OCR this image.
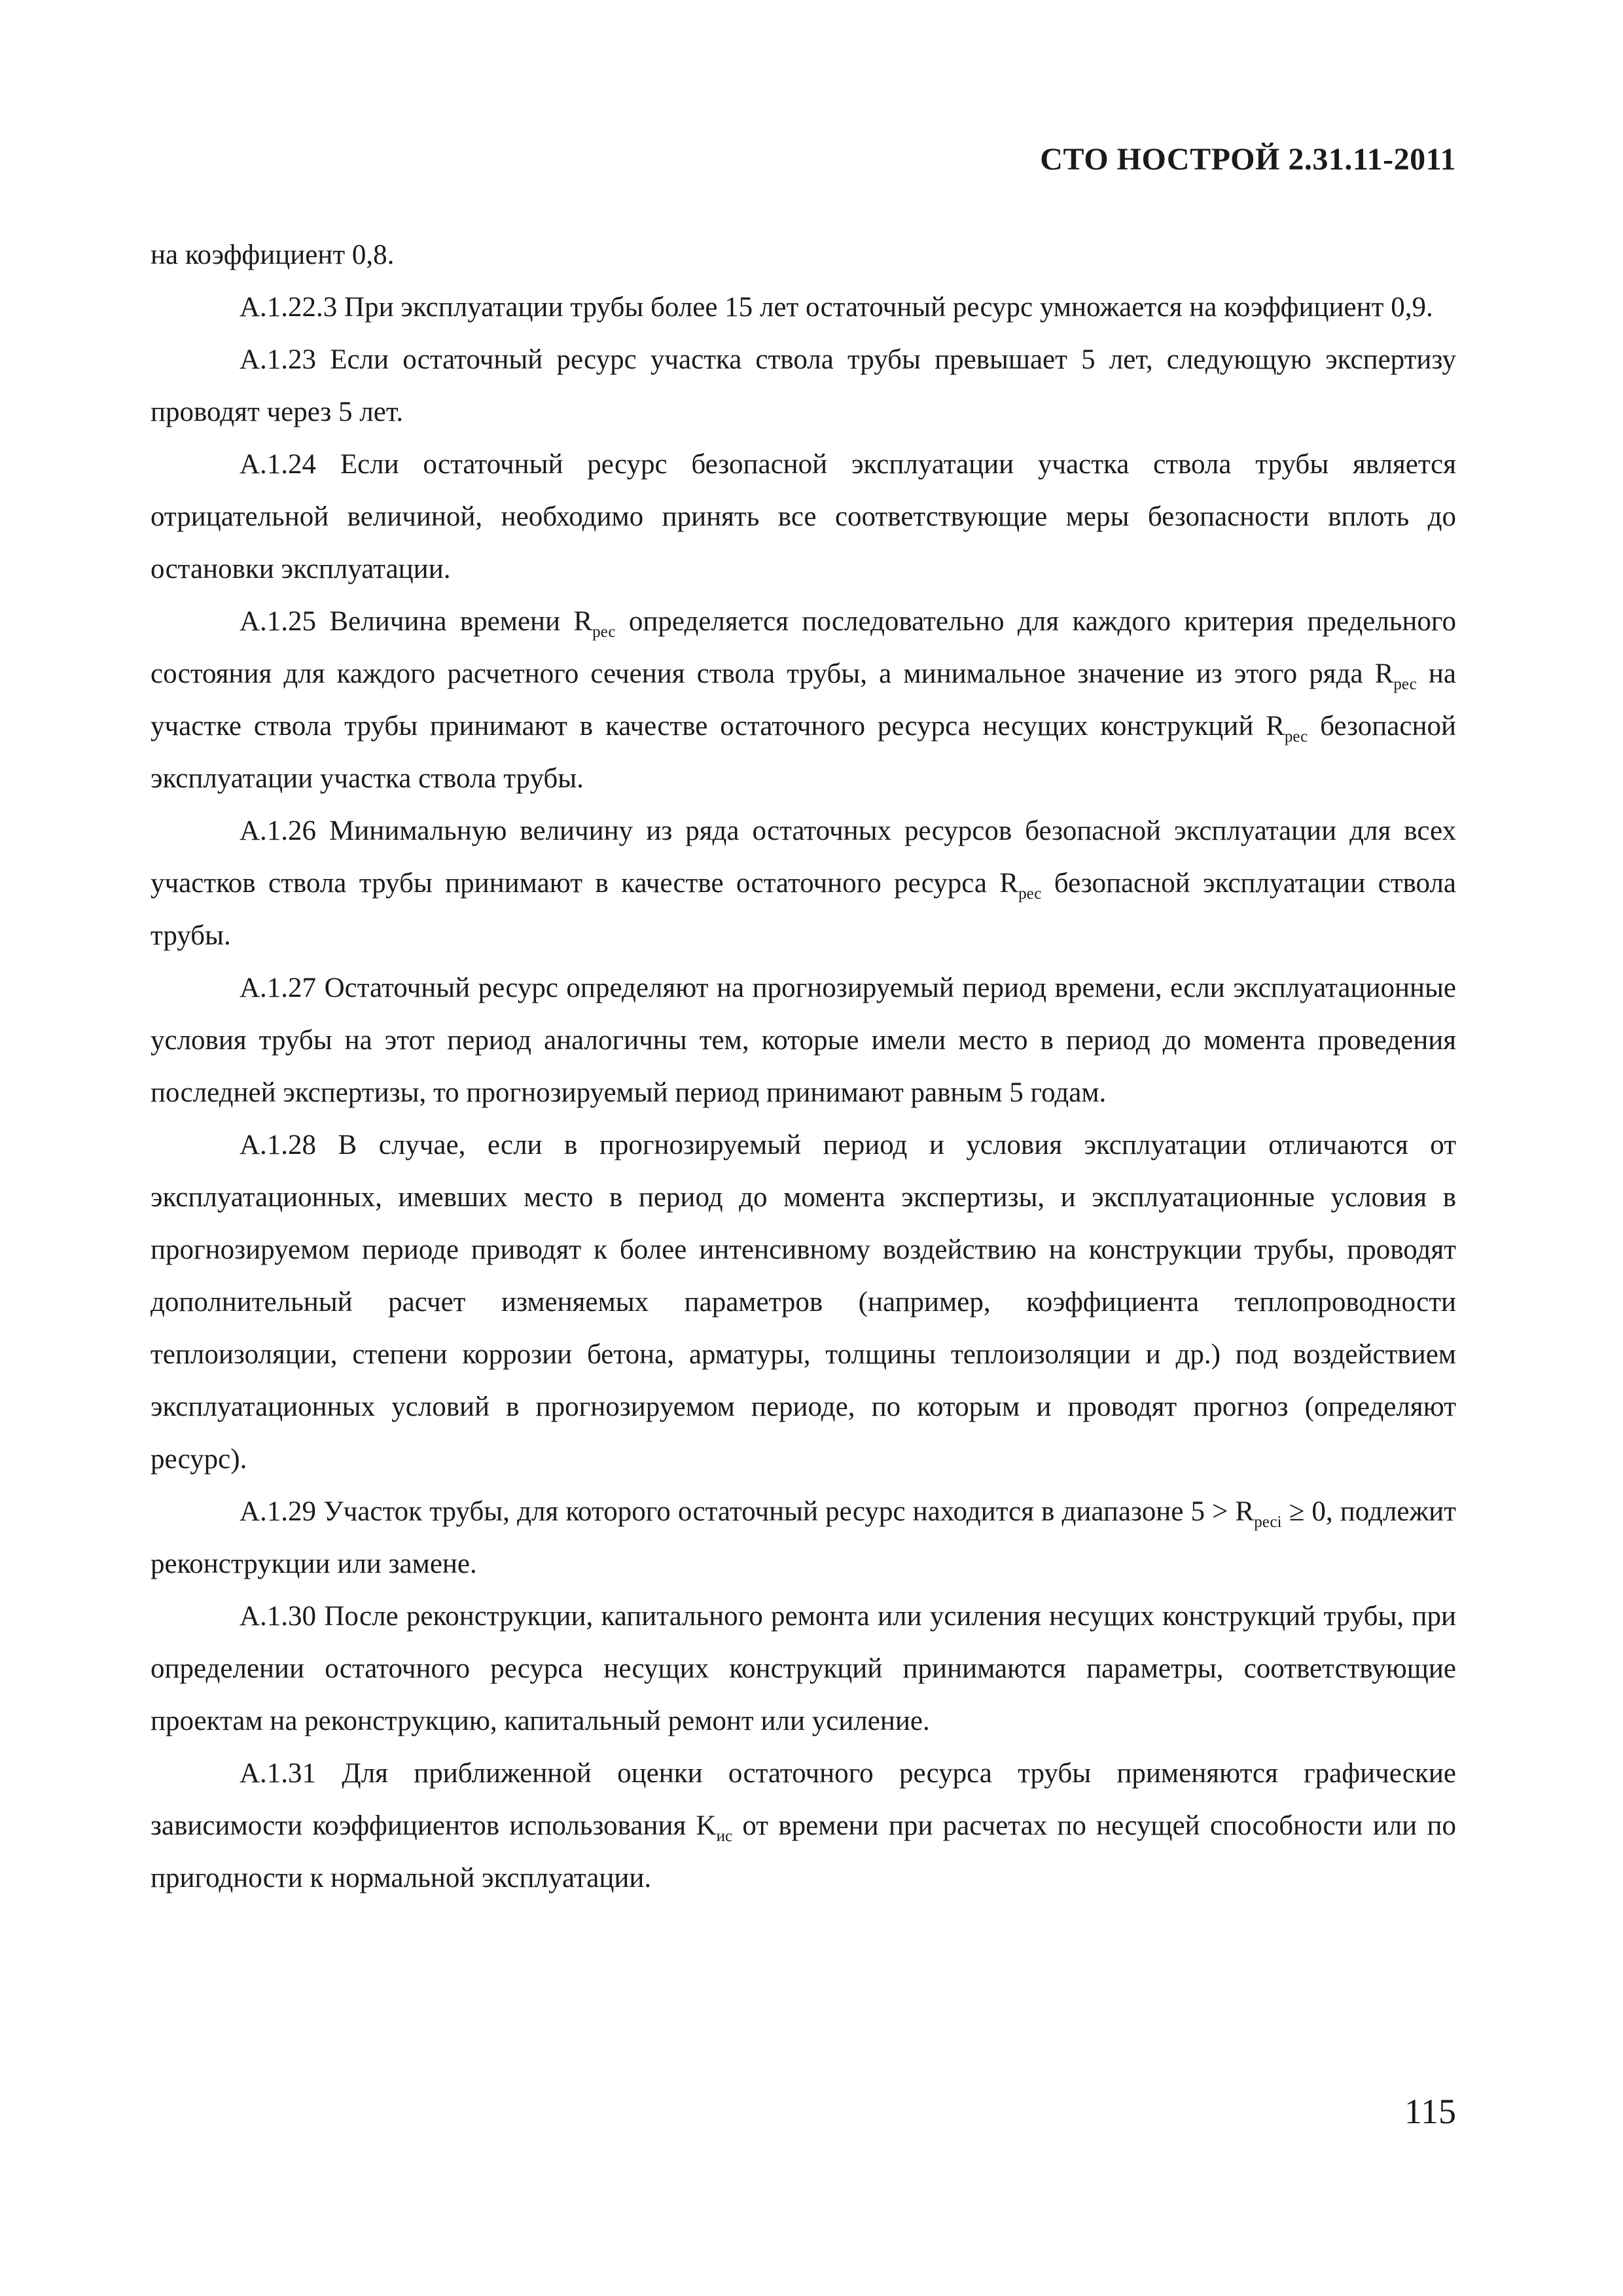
СТО НОСТРОЙ 2.31.11-2011

на коэффициент 0,8.

А.1.22.3 При эксплуатации трубы более 15 лет остаточный ресурс умножается на коэффициент 0,9.

А.1.23 Если остаточный ресурс участка ствола трубы превышает 5 лет, следующую экспертизу проводят через 5 лет.

А.1.24 Если остаточный ресурс безопасной эксплуатации участка ствола трубы является отрицательной величиной, необходимо принять все соответствующие меры безопасности вплоть до остановки эксплуатации.

А.1.25 Величина времени $R_{рес}$ определяется последовательно для каждого критерия предельного состояния для каждого расчетного сечения ствола трубы, а минимальное значение из этого ряда $R_{рес}$ на участке ствола трубы принимают в качестве остаточного ресурса несущих конструкций $R_{рес}$ безопасной эксплуатации участка ствола трубы.

А.1.26 Минимальную величину из ряда остаточных ресурсов безопасной эксплуатации для всех участков ствола трубы принимают в качестве остаточного ресурса $R_{рес}$ безопасной эксплуатации ствола трубы.

А.1.27 Остаточный ресурс определяют на прогнозируемый период времени, если эксплуатационные условия трубы на этот период аналогичны тем, которые имели место в период до момента проведения последней экспертизы, то прогнозируемый период принимают равным 5 годам.

А.1.28 В случае, если в прогнозируемый период и условия эксплуатации отличаются от эксплуатационных, имевших место в период до момента экспертизы, и эксплуатационные условия в прогнозируемом периоде приводят к более интенсивному воздействию на конструкции трубы, проводят дополнительный расчет изменяемых параметров (например, коэффициента теплопроводности теплоизоляции, степени коррозии бетона, арматуры, толщины теплоизоляции и др.) под воздействием эксплуатационных условий в прогнозируемом периоде, по которым и проводят прогноз (определяют ресурс).

А.1.29 Участок трубы, для которого остаточный ресурс находится в диапазоне $5 > R_{ресi} \ge 0$, подлежит реконструкции или замене.

А.1.30 После реконструкции, капитального ремонта или усиления несущих конструкций трубы, при определении остаточного ресурса несущих конструкций принимаются параметры, соответствующие проектам на реконструкцию, капитальный ремонт или усиление.

А.1.31 Для приближенной оценки остаточного ресурса трубы применяются графические зависимости коэффициентов использования $K_{ис}$ от времени при расчетах по несущей способности или по пригодности к нормальной эксплуатации.

115
